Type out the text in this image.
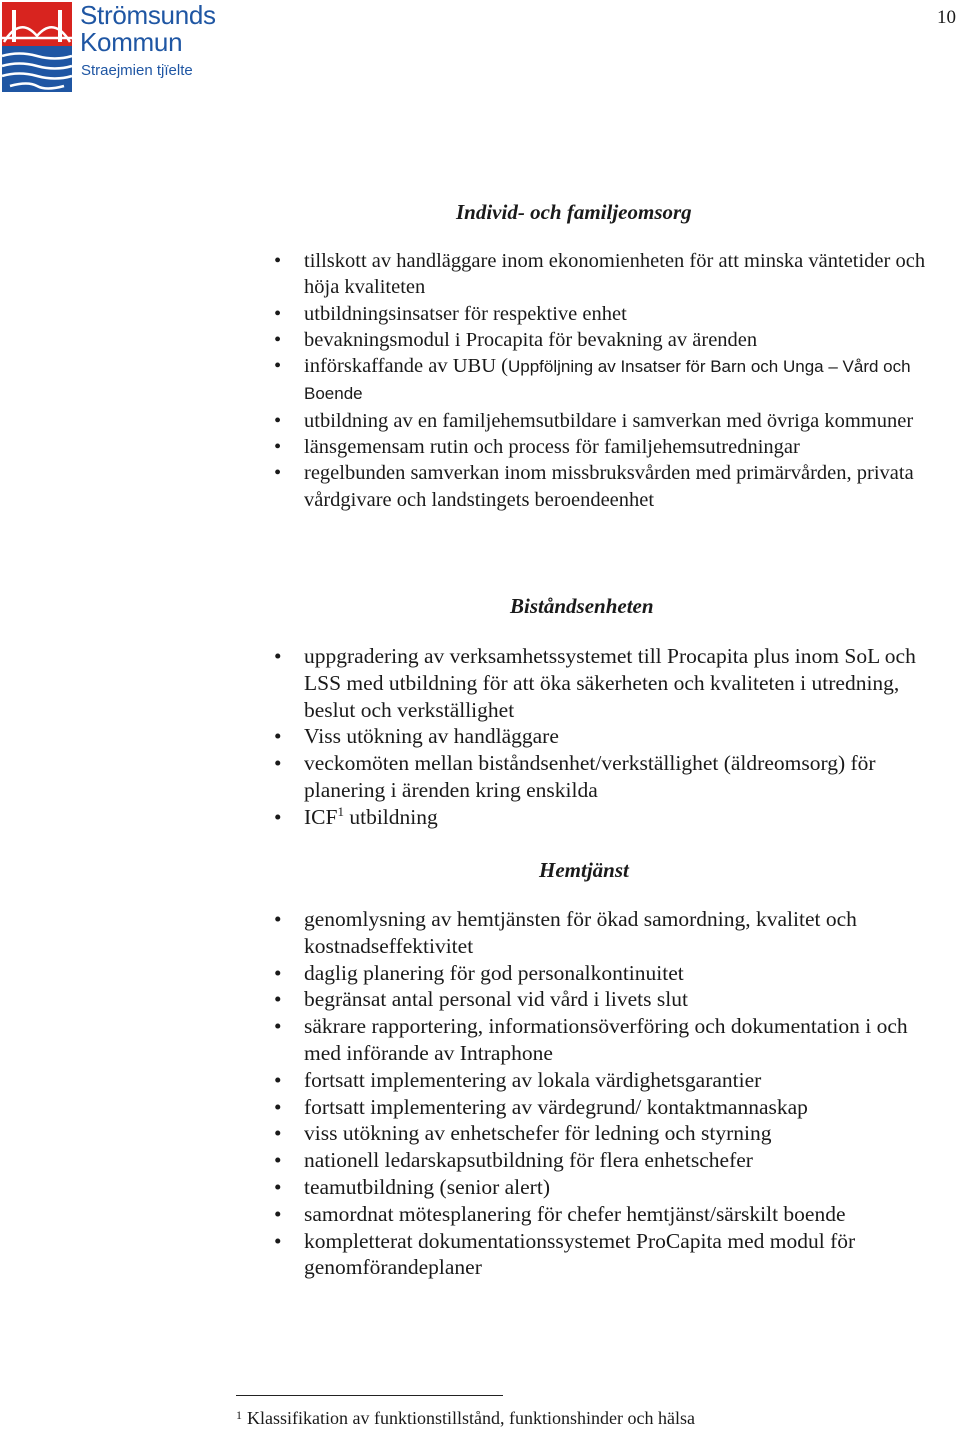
Strömsunds
Kommun
Straejmien tjïelte
10
Individ- och familjeomsorg
• tillskott av handläggare inom ekonomienheten för att minska väntetider och höja kvaliteten
• utbildningsinsatser för respektive enhet
• bevakningsmodul i Procapita för bevakning av ärenden
• införskaffande av UBU (Uppföljning av Insatser för Barn och Unga – Vård och Boende
• utbildning av en familjehemsutbildare i samverkan med övriga kommuner
• länsgemensam rutin och process för familjehemsutredningar
• regelbunden samverkan inom missbruksvården med primärvården, privata vårdgivare och landstingets beroendeenhet
Biståndsenheten
• uppgradering av verksamhetssystemet till Procapita plus inom SoL och LSS med utbildning för att öka säkerheten och kvaliteten i utredning, beslut och verkställighet
• Viss utökning av handläggare
• veckomöten mellan biståndsenhet/verkställighet (äldreomsorg) för planering i ärenden kring enskilda
• ICF$^1$ utbildning
Hemtjänst
• genomlysning av hemtjänsten för ökad samordning, kvalitet och kostnadseffektivitet
• daglig planering för god personalkontinuitet
• begränsat antal personal vid vård i livets slut
• säkrare rapportering, informationsöverföring och dokumentation i och med införande av Intraphone
• fortsatt implementering av lokala värdighetsgarantier
• fortsatt implementering av värdegrund/ kontaktmannaskap
• viss utökning av enhetschefer för ledning och styrning
• nationell ledarskapsutbildning för flera enhetschefer
• teamutbildning (senior alert)
• samordnat mötesplanering för chefer hemtjänst/särskilt boende
• kompletterat dokumentationssystemet ProCapita med modul för genomförandeplaner
$^1$ Klassifikation av funktionstillstånd, funktionshinder och hälsa
